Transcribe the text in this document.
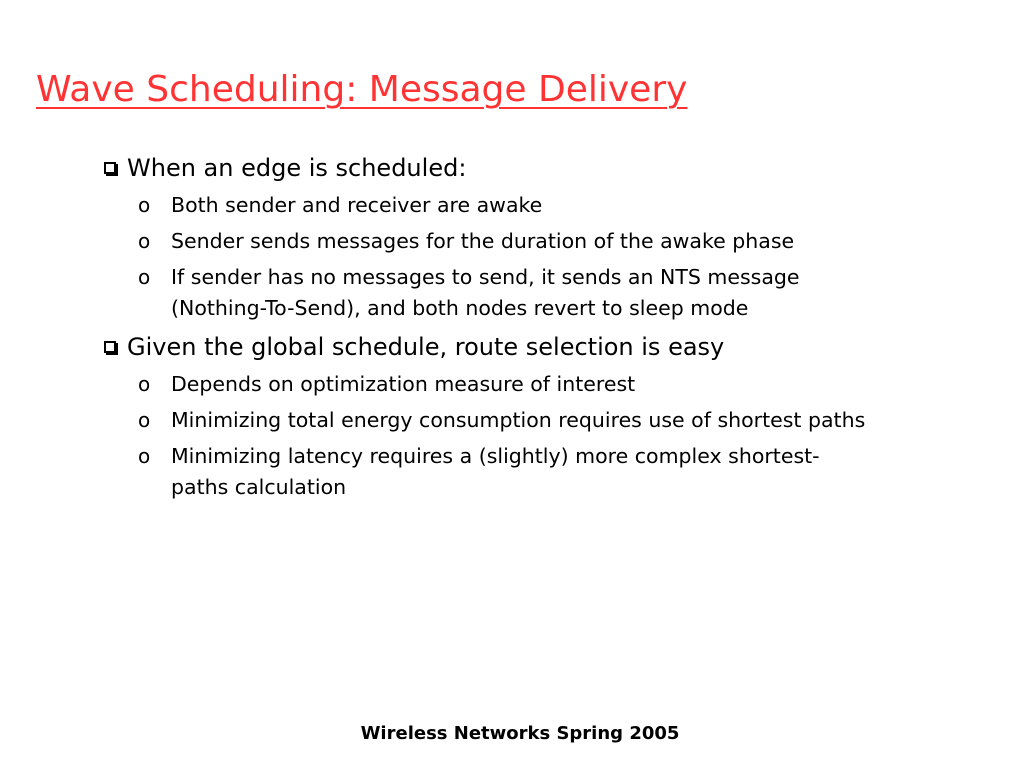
Wave Scheduling: Message Delivery
When an edge is scheduled:
o	Both sender and receiver are awake
o	Sender sends messages for the duration of the awake phase
o	If sender has no messages to send, it sends an NTS message (Nothing-To-Send), and both nodes revert to sleep mode
Given the global schedule, route selection is easy
o	Depends on optimization measure of interest
o	Minimizing total energy consumption requires use of shortest paths
o	Minimizing latency requires a (slightly) more complex shortest-paths calculation
Wireless Networks Spring 2005
